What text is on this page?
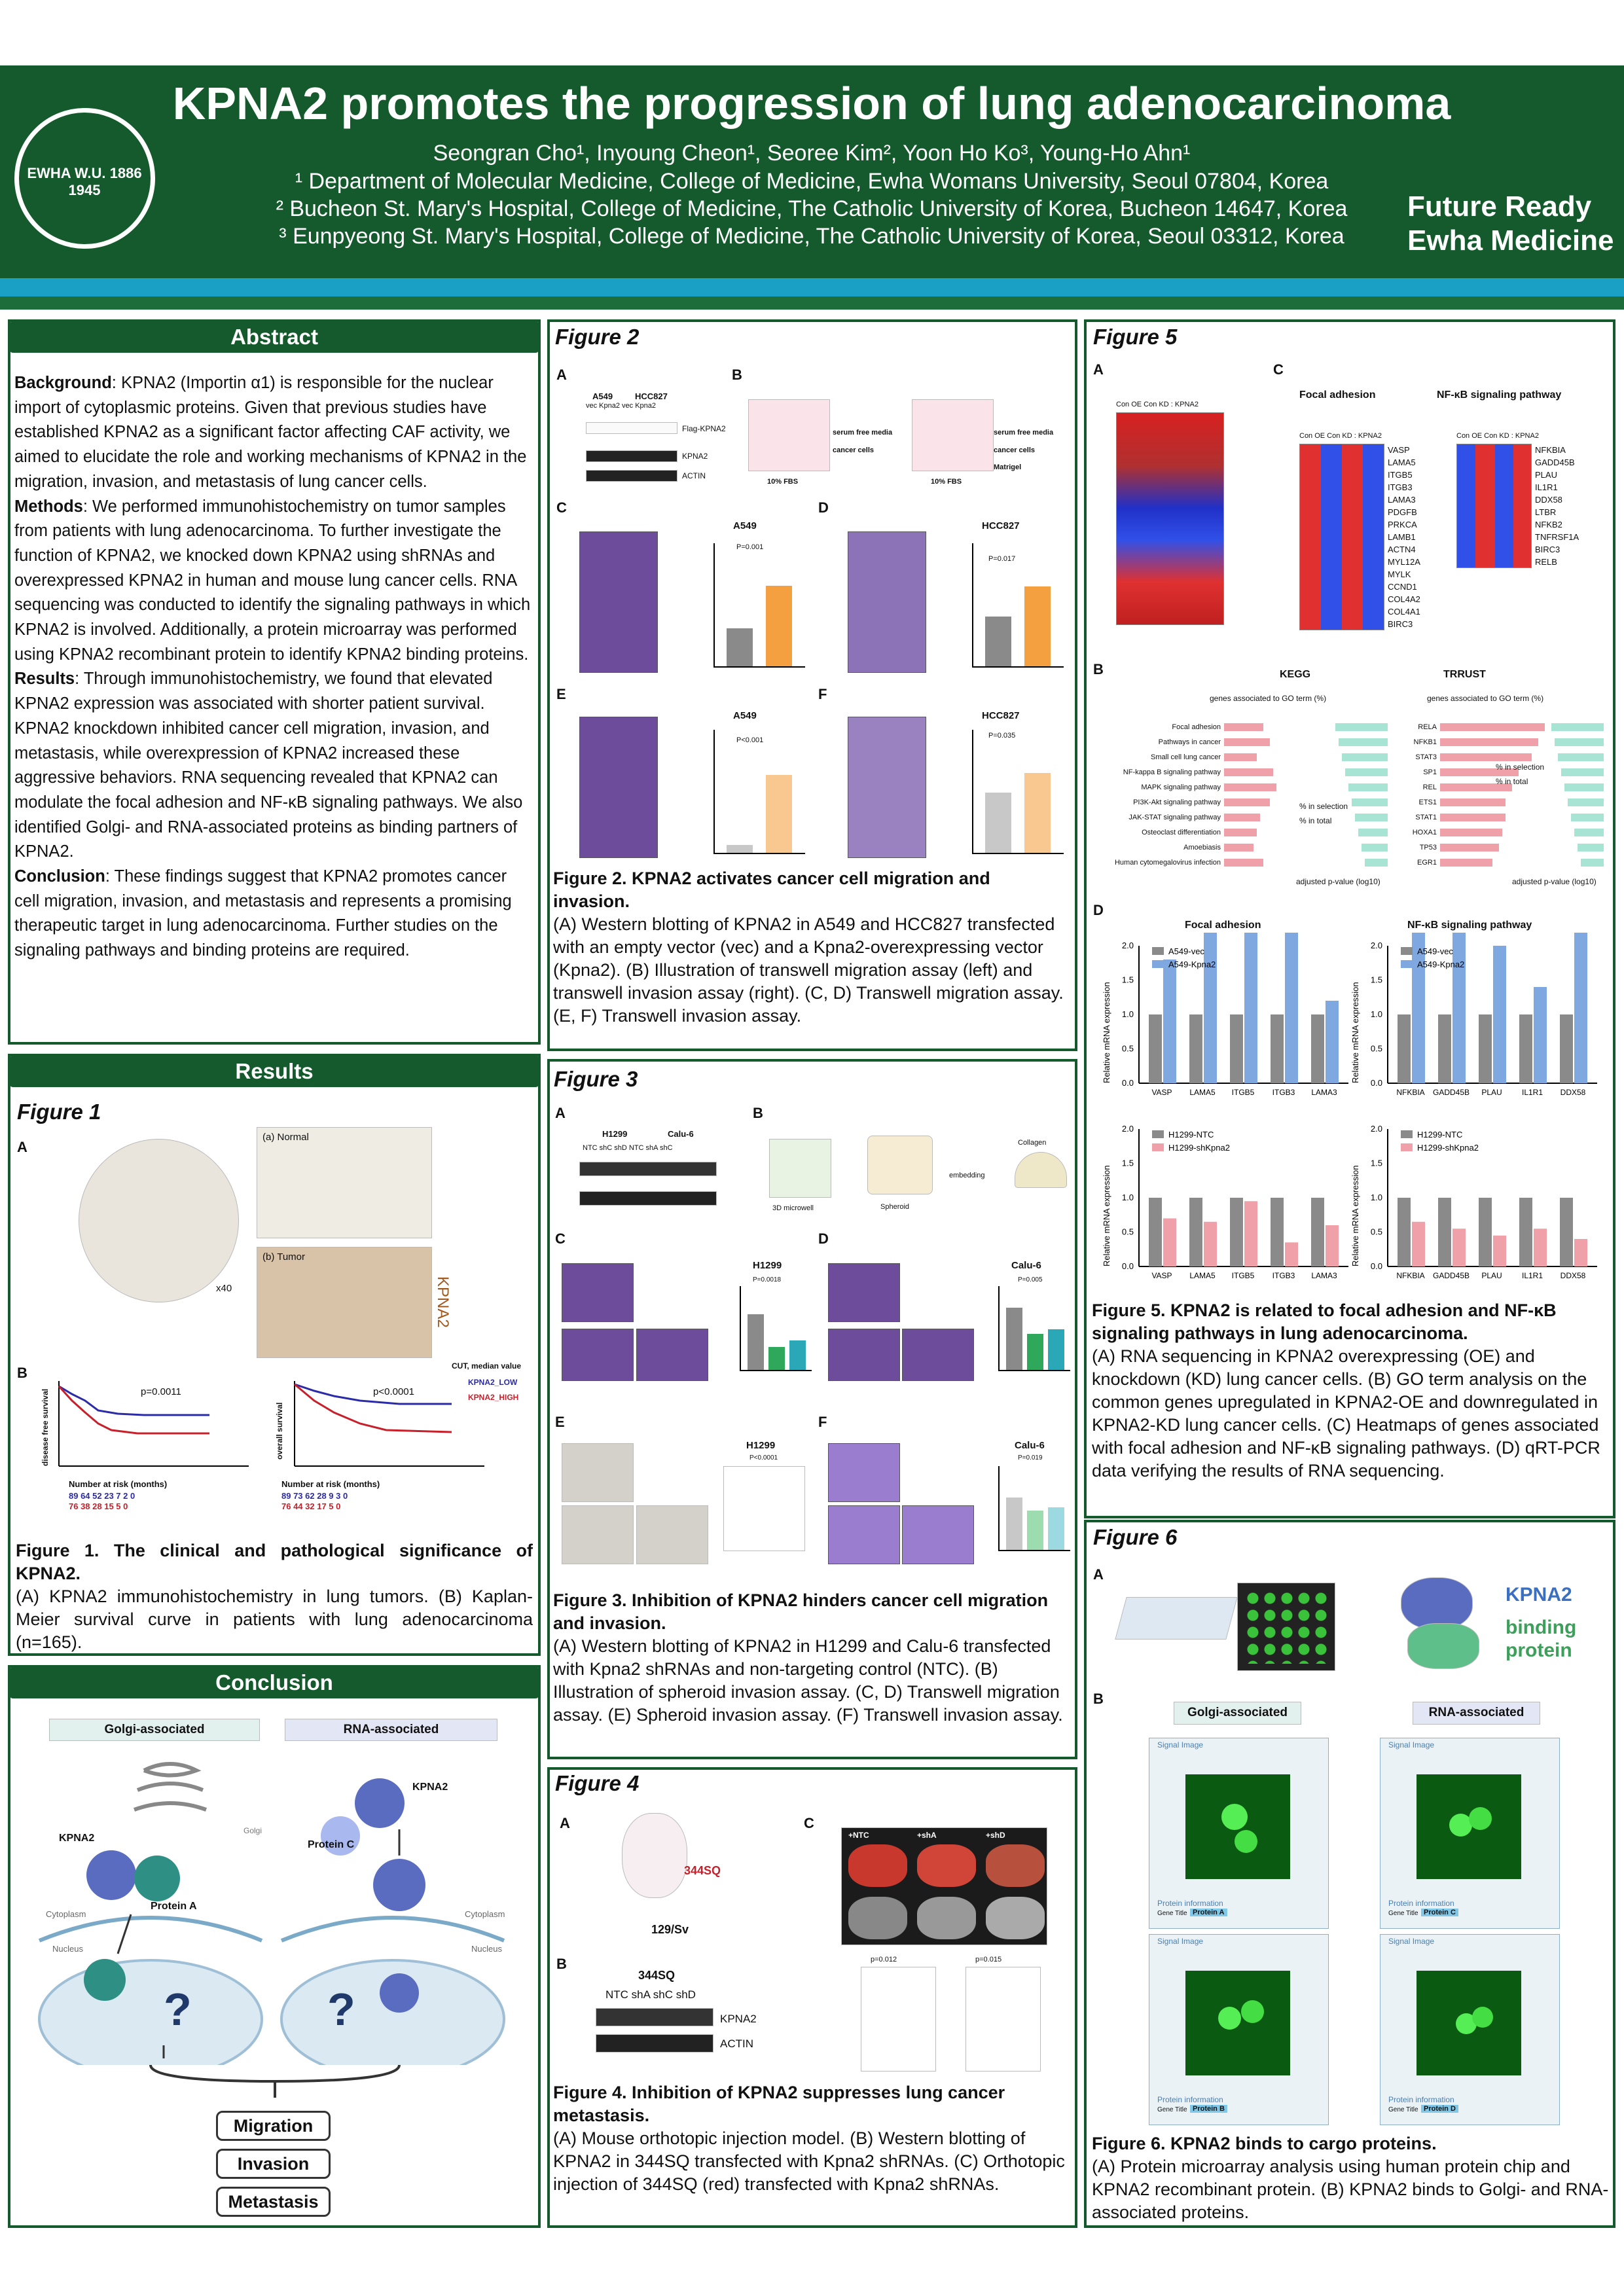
EWHA W.U. 1886 1945
KPNA2 promotes the progression of lung adenocarcinoma
Seongran Cho¹, Inyoung Cheon¹, Seoree Kim², Yoon Ho Ko³, Young-Ho Ahn¹
¹ Department of Molecular Medicine, College of Medicine, Ewha Womans University, Seoul 07804, Korea
² Bucheon St. Mary's Hospital, College of Medicine, The Catholic University of Korea, Bucheon 14647, Korea
³ Eunpyeong St. Mary's Hospital, College of Medicine, The Catholic University of Korea, Seoul 03312, Korea
Future Ready
Ewha Medicine
Abstract
Background: KPNA2 (Importin α1) is responsible for the nuclear import of cytoplasmic proteins. Given that previous studies have established KPNA2 as a significant factor affecting CAF activity, we aimed to elucidate the role and working mechanisms of KPNA2 in the migration, invasion, and metastasis of lung cancer cells.
Methods: We performed immunohistochemistry on tumor samples from patients with lung adenocarcinoma. To further investigate the function of KPNA2, we knocked down KPNA2 using shRNAs and overexpressed KPNA2 in human and mouse lung cancer cells. RNA sequencing was conducted to identify the signaling pathways in which KPNA2 is involved. Additionally, a protein microarray was performed using KPNA2 recombinant protein to identify KPNA2 binding proteins.
Results: Through immunohistochemistry, we found that elevated KPNA2 expression was associated with shorter patient survival. KPNA2 knockdown inhibited cancer cell migration, invasion, and metastasis, while overexpression of KPNA2 increased these aggressive behaviors. RNA sequencing revealed that KPNA2 can modulate the focal adhesion and NF-κB signaling pathways. We also identified Golgi- and RNA-associated proteins as binding partners of KPNA2.
Conclusion: These findings suggest that KPNA2 promotes cancer cell migration, invasion, and metastasis and represents a promising therapeutic target in lung adenocarcinoma. Further studies on the signaling pathways and binding proteins are required.
Results
Figure 1
A
x40
(a) Normal
(b) Tumor
KPNA2
B
p=0.0011	p<0.0001
CUT, median value
KPNA2_LOW
KPNA2_HIGH
disease free survival	overall survival
Number at risk (months)
89 64 52 23 7 2 0
76 38 28 15 5 0
Number at risk (months)
89 73 62 28 9 3 0
76 44 32 17 5 0
Figure 1. The clinical and pathological significance of KPNA2.
(A) KPNA2 immunohistochemistry in lung tumors. (B) Kaplan-Meier survival curve in patients with lung adenocarcinoma (n=165).
Conclusion
Golgi-associated	RNA-associated
KPNA2
Protein A
Golgi
KPNA2
Protein C
Cytoplasm
Nucleus
Cytoplasm
Nucleus
?	?
Migration
Invasion
Metastasis
Figure 2
A
A549	HCC827
vec Kpna2 vec Kpna2
Flag-KPNA2
KPNA2
ACTIN
B
serum free media
cancer cells
serum free media
cancer cells
Matrigel
10% FBS	10% FBS
C
A549
P=0.001
D
HCC827
P=0.017
E
A549
P<0.001
F
HCC827
P=0.035
Figure 2. KPNA2 activates cancer cell migration and invasion.
(A) Western blotting of KPNA2 in A549 and HCC827 transfected with an empty vector (vec) and a Kpna2-overexpressing vector (Kpna2). (B) Illustration of transwell migration assay (left) and transwell invasion assay (right). (C, D) Transwell migration assay. (E, F) Transwell invasion assay.
Figure 3
A
H1299	Calu-6
NTC shC shD NTC shA shC
B
3D microwell	Spheroid
embedding
Collagen
C
H1299
P=0.0018
D
Calu-6
P=0.005
E
H1299
P<0.0001
F
Calu-6
P=0.019
Figure 3. Inhibition of KPNA2 hinders cancer cell migration and invasion.
(A) Western blotting of KPNA2 in H1299 and Calu-6 transfected with Kpna2 shRNAs and non-targeting control (NTC). (B) Illustration of spheroid invasion assay. (C, D) Transwell migration assay. (E) Spheroid invasion assay. (F) Transwell invasion assay.
Figure 4
A
344SQ
129/Sv
B
344SQ
NTC shA shC shD
KPNA2
ACTIN
C
+NTC	+shA	+shD
p=0.012	p=0.015
Figure 4. Inhibition of KPNA2 suppresses lung cancer metastasis.
(A) Mouse orthotopic injection model. (B) Western blotting of KPNA2 in 344SQ transfected with Kpna2 shRNAs. (C) Orthotopic injection of 344SQ (red) transfected with Kpna2 shRNAs.
Figure 5
A
Con OE Con KD : KPNA2
C
Focal adhesion	NF-κB signaling pathway
Con OE Con KD : KPNA2	Con OE Con KD : KPNA2
VASP
LAMA5
ITGB5
ITGB3
LAMA3
PDGFB
PRKCA
LAMB1
ACTN4
MYL12A
MYLK
CCND1
COL4A2
COL4A1
BIRC3
NFKBIA
GADD45B
PLAU
IL1R1
DDX58
LTBR
NFKB2
TNFRSF1A
BIRC3
RELB
B	KEGG	TRRUST
genes associated to GO term (%)	genes associated to GO term (%)
Focal adhesion
Pathways in cancer
Small cell lung cancer
NF-kappa B signaling pathway
MAPK signaling pathway
PI3K-Akt signaling pathway
JAK-STAT signaling pathway
Osteoclast differentiation
Amoebiasis
Human cytomegalovirus infection
RELA
NFKB1
STAT3
SP1
REL
ETS1
STAT1
HOXA1
TP53
EGR1
% in selection
% in total
% in selection
% in total
adjusted p-value (log10)	adjusted p-value (log10)
D
Focal adhesion	NF-κB signaling pathway
0.0
0.5
1.0
1.5
2.0
VASP LAMA5 ITGB5 ITGB3 LAMA3
A549-vec
A549-Kpna2
Relative mRNA expression	0.0
0.5
1.0
1.5
2.0
NFKBIA GADD45B PLAU	IL1R1 DDX58
A549-vec
A549-Kpna2
Relative mRNA expression
0.0
0.5
1.0
1.5
2.0
VASP LAMA5 ITGB5 ITGB3 LAMA3
H1299-NTC
H1299-shKpna2
Relative mRNA expression	0.0
0.5
1.0
1.5
2.0
NFKBIA GADD45B PLAU	IL1R1 DDX58
H1299-NTC
H1299-shKpna2
Relative mRNA expression
Figure 5. KPNA2 is related to focal adhesion and NF-κB signaling pathways in lung adenocarcinoma.
(A) RNA sequencing in KPNA2 overexpressing (OE) and knockdown (KD) lung cancer cells. (B) GO term analysis on the common genes upregulated in KPNA2-OE and downregulated in KPNA2-KD lung cancer cells. (C) Heatmaps of genes associated with focal adhesion and NF-κB signaling pathways. (D) qRT-PCR data verifying the results of RNA sequencing.
Figure 6
A
KPNA2
binding
protein
B
Golgi-associated	RNA-associated
Signal Image
Protein information
Gene Title Protein A
Signal Image
Protein information
Gene Title Protein C
Signal Image
Protein information
Gene Title Protein B
Signal Image
Protein information
Gene Title Protein D
Figure 6. KPNA2 binds to cargo proteins.
(A) Protein microarray analysis using human protein chip and KPNA2 recombinant protein. (B) KPNA2 binds to Golgi- and RNA-associated proteins.
